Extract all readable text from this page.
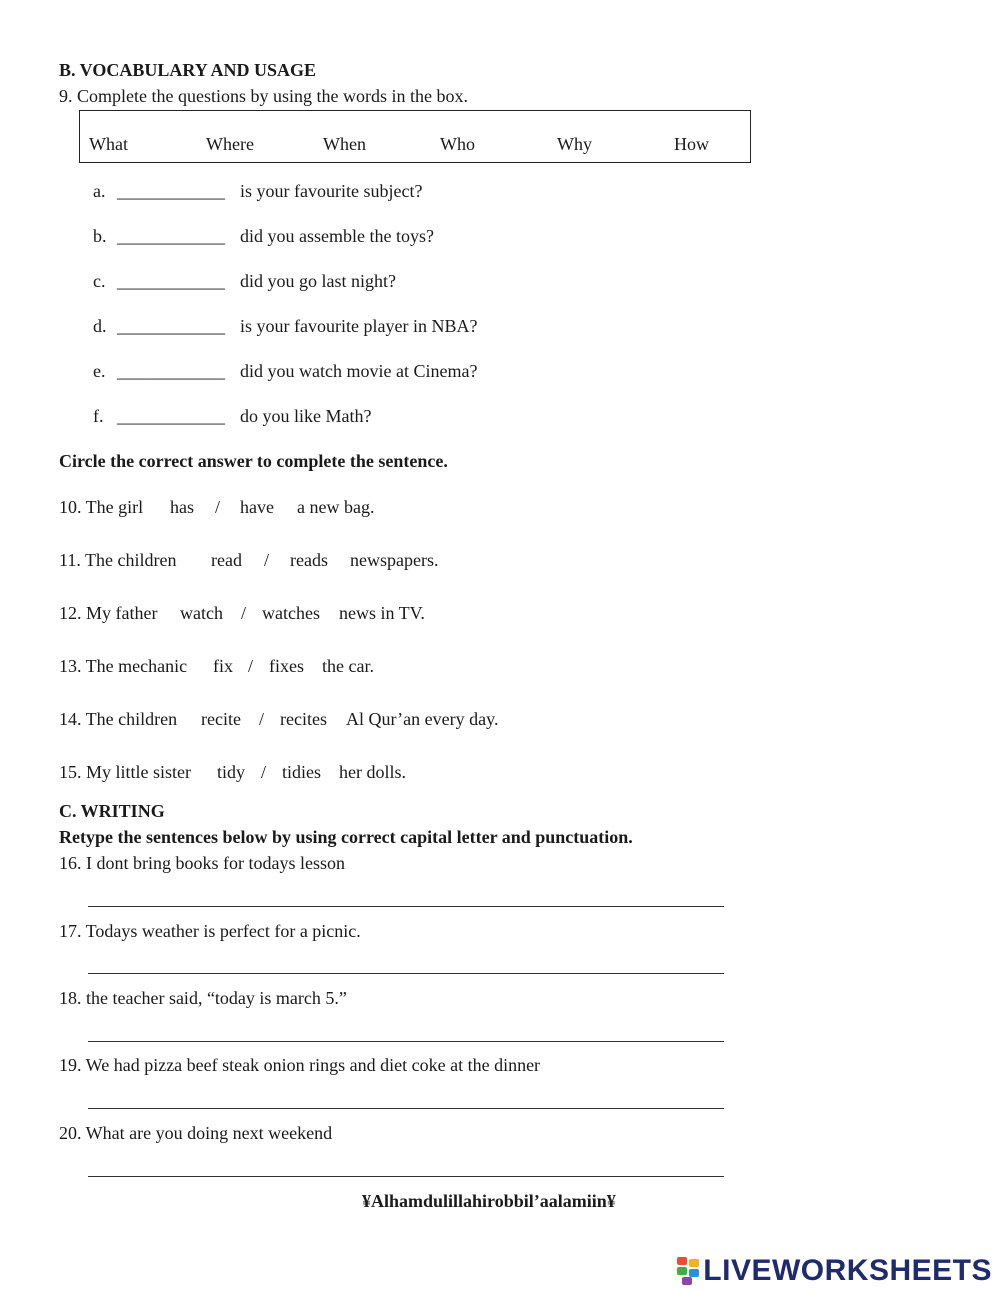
B. VOCABULARY AND USAGE
9. Complete the questions by using the words in the box.
What	Where	When	Who	Why	How
a. ____________ is your favourite subject?
b. ____________ did you assemble the toys?
c. ____________ did you go last night?
d. ____________ is your favourite player in NBA?
e. ____________ did you watch movie at Cinema?
f. ____________ do you like Math?
Circle the correct answer to complete the sentence.
10. The girl has / have a new bag.
11. The children read / reads newspapers.
12. My father watch / watches news in TV.
13. The mechanic fix / fixes the car.
14. The children recite / recites Al Qur’an every day.
15. My little sister tidy / tidies her dolls.
C. WRITING
Retype the sentences below by using correct capital letter and punctuation.
16. I dont bring books for todays lesson
17. Todays weather is perfect for a picnic.
18. the teacher said, “today is march 5.”
19. We had pizza beef steak onion rings and diet coke at the dinner
20. What are you doing next weekend
¥Alhamdulillahirobbil’aalamiin¥
LIVEWORKSHEETS
